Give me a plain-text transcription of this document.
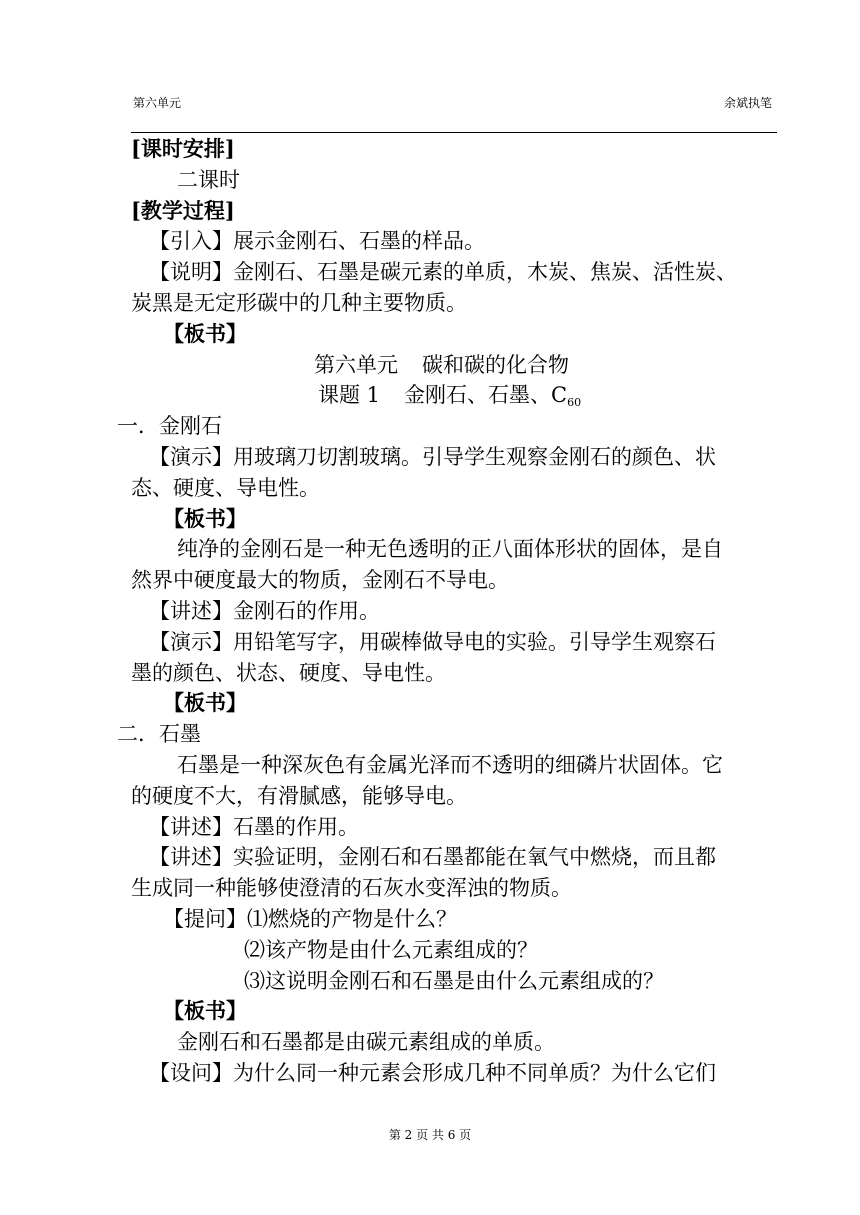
第六单元	余斌执笔
[课时安排]
二课时
[教学过程]
【引入】展示金刚石、石墨的样品。
【说明】金刚石、石墨是碳元素的单质，木炭、焦炭、活性炭、
炭黑是无定形碳中的几种主要物质。
【板书】
第六单元 碳和碳的化合物
课题 1 金刚石、石墨、$C_{60}$
一．金刚石
【演示】用玻璃刀切割玻璃。引导学生观察金刚石的颜色、状
态、硬度、导电性。
【板书】
纯净的金刚石是一种无色透明的正八面体形状的固体，是自
然界中硬度最大的物质，金刚石不导电。
【讲述】金刚石的作用。
【演示】用铅笔写字，用碳棒做导电的实验。引导学生观察石
墨的颜色、状态、硬度、导电性。
【板书】
二．石墨
石墨是一种深灰色有金属光泽而不透明的细磷片状固体。它
的硬度不大，有滑腻感，能够导电。
【讲述】石墨的作用。
【讲述】实验证明，金刚石和石墨都能在氧气中燃烧，而且都
生成同一种能够使澄清的石灰水变浑浊的物质。
【提问】⑴燃烧的产物是什么？
⑵该产物是由什么元素组成的？
⑶这说明金刚石和石墨是由什么元素组成的？
【板书】
金刚石和石墨都是由碳元素组成的单质。
【设问】为什么同一种元素会形成几种不同单质？为什么它们
第 2 页 共 6 页
